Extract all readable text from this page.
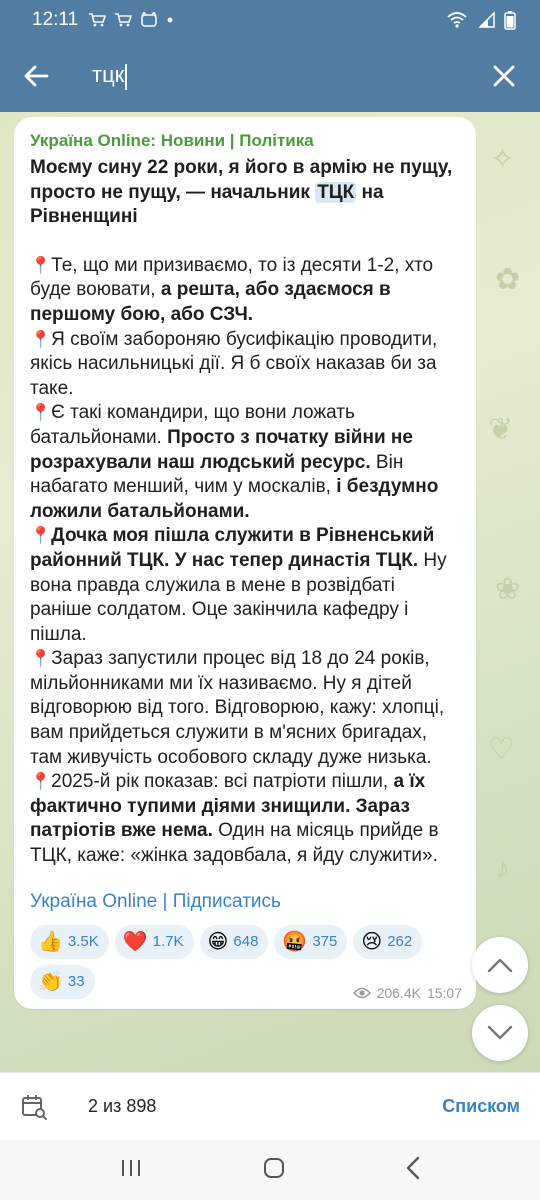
12:11
тцк
✧
✿
❦
❀
♡
♪
Україна Online: Новини | Політика
Моєму сину 22 роки, я його в армію не пущу, просто не пущу, — начальник ТЦК на Рівненщині
📍Те, що ми призиваємо, то із десяти 1-2, хто буде воювати, а решта, або здаємося в першому бою, або СЗЧ.
📍Я своїм забороняю бусифікацію проводити, якісь насильницькі дії. Я б своїх наказав би за таке.
📍Є такі командири, що вони ложать батальйонами. Просто з початку війни не розрахували наш людський ресурс. Він набагато менший, чим у москалів, і бездумно ложили батальйонами.
📍Дочка моя пішла служити в Рівненський районний ТЦК. У нас тепер династія ТЦК. Ну вона правда служила в мене в розвідбаті раніше солдатом. Оце закінчила кафедру і пішла.
📍Зараз запустили процес від 18 до 24 років, мільйонниками ми їх називаємо. Ну я дітей відговорюю від того. Відговорюю, кажу: хлопці, вам прийдеться служити в м'ясних бригадах, там живучість особового складу дуже низька.
📍2025-й рік показав: всі патріоти пішли, а їх фактично тупими діями знищили. Зараз патріотів вже нема. Один на місяць прийде в ТЦК, каже: «жінка задовбала, я йду служити».
Україна Online | Підписатись
👍 3.5K ❤️ 1.7K 😁 648 🤬 375 😢 262
👏 33
206.4K 15:07
2 из 898	Списком
